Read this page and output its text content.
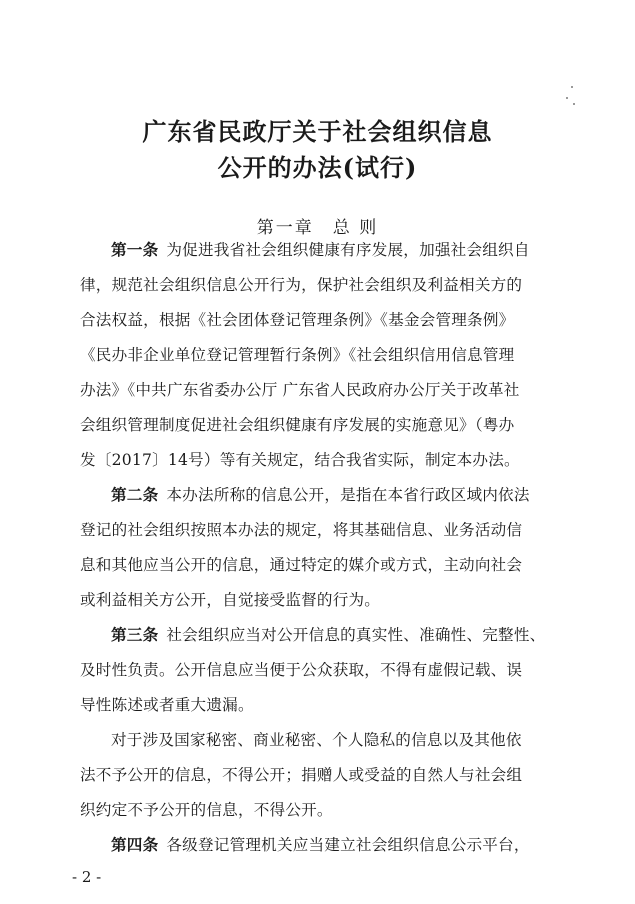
广东省民政厅关于社会组织信息
公开的办法(试行)
第一章　总 则
第一条 为促进我省社会组织健康有序发展，加强社会组织自
律，规范社会组织信息公开行为，保护社会组织及利益相关方的
合法权益，根据《社会团体登记管理条例》《基金会管理条例》
《民办非企业单位登记管理暂行条例》《社会组织信用信息管理
办法》《中共广东省委办公厅 广东省人民政府办公厅关于改革社
会组织管理制度促进社会组织健康有序发展的实施意见》（粤办
发〔2017〕14号）等有关规定，结合我省实际，制定本办法。
第二条 本办法所称的信息公开，是指在本省行政区域内依法
登记的社会组织按照本办法的规定，将其基础信息、业务活动信
息和其他应当公开的信息，通过特定的媒介或方式，主动向社会
或利益相关方公开，自觉接受监督的行为。
第三条 社会组织应当对公开信息的真实性、准确性、完整性、
及时性负责。公开信息应当便于公众获取，不得有虚假记载、误
导性陈述或者重大遗漏。
对于涉及国家秘密、商业秘密、个人隐私的信息以及其他依
法不予公开的信息，不得公开；捐赠人或受益的自然人与社会组
织约定不予公开的信息，不得公开。
第四条 各级登记管理机关应当建立社会组织信息公示平台，
- 2 -
